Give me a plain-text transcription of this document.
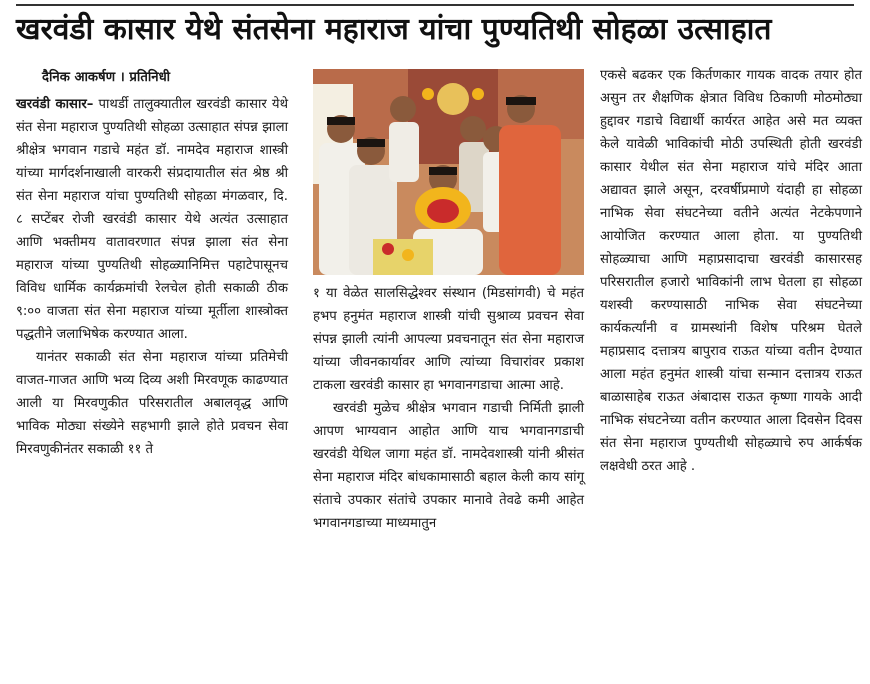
खरवंडी कासार येथे संतसेना महाराज यांचा पुण्यतिथी सोहळा उत्साहात

दैनिक आकर्षण । प्रतिनिधी

खरवंडी कासार– पाथर्डी तालुक्यातील खरवंडी कासार येथे संत सेना महाराज पुण्यतिथी सोहळा उत्साहात संपन्न झाला श्रीक्षेत्र भगवान गडाचे महंत डॉ. नामदेव महाराज शास्त्री यांच्या मार्गदर्शनाखाली वारकरी संप्रदायातील संत श्रेष्ठ श्री संत सेना महाराज यांचा पुण्यतिथी सोहळा मंगळवार, दि. ८ सप्टेंबर रोजी खरवंडी कासार येथे अत्यंत उत्साहात आणि भक्तीमय वातावरणात संपन्न झाला संत सेना महाराज यांच्या पुण्यतिथी सोहळ्यानिमित्त पहाटेपासूनच विविध धार्मिक कार्यक्रमांची रेलचेल होती सकाळी ठीक ९:०० वाजता संत सेना महाराज यांच्या मूर्तीला शास्त्रोक्त पद्धतीने जलाभिषेक करण्यात आला.

यानंतर सकाळी संत सेना महाराज यांच्या प्रतिमेची वाजत-गाजत आणि भव्य दिव्य अशी मिरवणूक काढण्यात आली या मिरवणुकीत परिसरातील अबालवृद्ध आणि भाविक मोठ्या संख्येने सहभागी झाले होते प्रवचन सेवा मिरवणुकीनंतर सकाळी ११ ते

१ या वेळेत सालसिद्धेश्वर संस्थान (मिडसांगवी) चे महंत हभप हनुमंत महाराज शास्त्री यांची सुश्राव्य प्रवचन सेवा संपन्न झाली त्यांनी आपल्या प्रवचनातून संत सेना महाराज यांच्या जीवनकार्यावर आणि त्यांच्या विचारांवर प्रकाश टाकला खरवंडी कासार हा भगवानगडाचा आत्मा आहे.

खरवंडी मुळेच श्रीक्षेत्र भगवान गडाची निर्मिती झाली आपण भाग्यवान आहोत आणि याच भगवानगडाची खरवंडी येथिल जागा महंत डॉ. नामदेवशास्त्री यांनी श्रीसंत सेना महाराज मंदिर बांधकामासाठी बहाल केली काय सांगू संताचे उपकार संतांचे उपकार मानावे तेवढे कमी आहेत भगवानगडाच्या माध्यमातुन

एकसे बढकर एक किर्तणकार गायक वादक तयार होत असुन तर शैक्षणिक क्षेत्रात विविध ठिकाणी मोठमोठ्या हुद्दावर गडाचे विद्यार्थी कार्यरत आहेत असे मत व्यक्त केले यावेळी भाविकांची मोठी उपस्थिती होती खरवंडी कासार येथील संत सेना महाराज यांचे मंदिर आता अद्यावत झाले असून, दरवर्षीप्रमाणे यंदाही हा सोहळा नाभिक सेवा संघटनेच्या वतीने अत्यंत नेटकेपणाने आयोजित करण्यात आला होता. या पुण्यतिथी सोहळ्याचा आणि महाप्रसादाचा खरवंडी कासारसह परिसरातील हजारो भाविकांनी लाभ घेतला हा सोहळा यशस्वी करण्यासाठी नाभिक सेवा संघटनेच्या कार्यकर्त्यांनी व ग्रामस्थांनी विशेष परिश्रम घेतले महाप्रसाद दत्तात्रय बापुराव राऊत यांच्या वतीन देण्यात आला महंत हनुमंत शास्त्री यांचा सन्मान दत्तात्रय राऊत बाळासाहेब राऊत अंबादास राऊत कृष्णा गायके आदी नाभिक संघटनेच्या वतीन करण्यात आला दिवसेन दिवस संत सेना महाराज पुण्यतीथी सोहळ्याचे रुप आर्कर्षक लक्षवेधी ठरत आहे .
